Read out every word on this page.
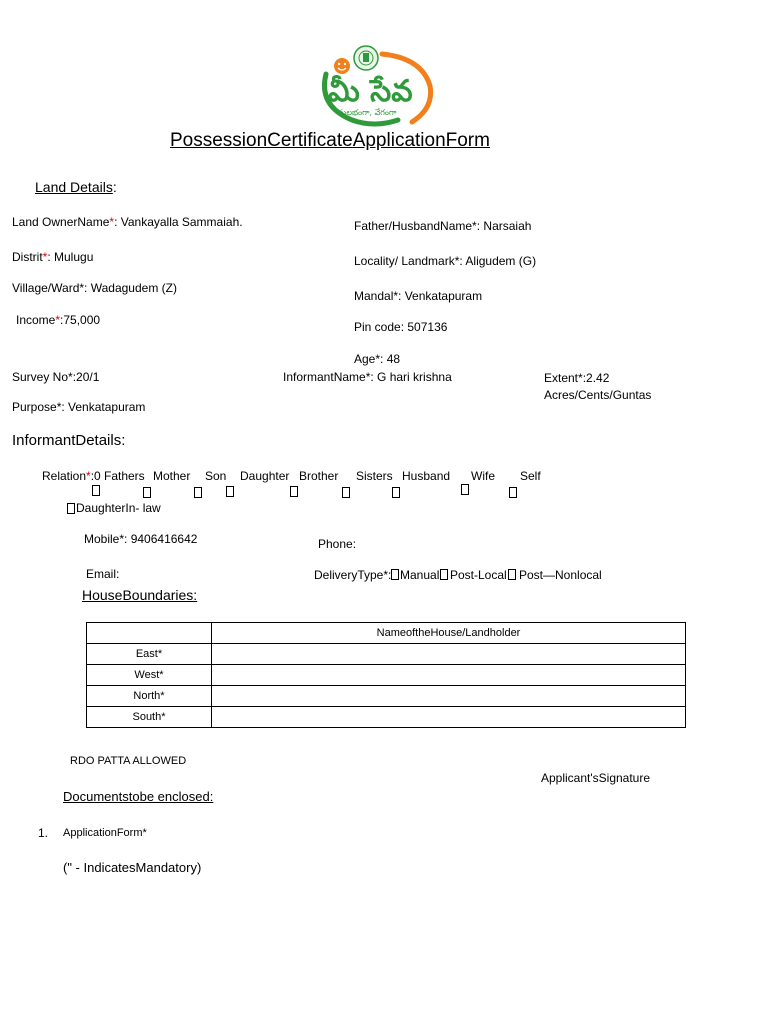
మీ సేవ
సులభంగా, వేగంగా
PossessionCertificateApplicationForm
Land Details:
Land OwnerName*: Vankayalla Sammaiah.	Father/HusbandName*: Narsaiah
Distrit*: Mulugu	Locality/ Landmark*: Aligudem (G)
Village/Ward*: Wadagudem (Z)
Mandal*: Venkatapuram
Income*:75,000	Pin code: 507136
Age*: 48
Survey No*:20/1	InformantName*: G hari krishna	Extent*:2.42
Acres/Cents/Guntas
Purpose*: Venkatapuram
InformantDetails:
Relation*:0 Fathers Mother Son Daughter Brother Sisters Husband Wife Self
DaughterIn- law
Mobile*: 9406416642	Phone:
Email:	DeliveryType*: Manual Post-Local Post—Nonlocal
HouseBoundaries:
	NameoftheHouse/Landholder
East*	
West*	
North*	
South*	
RDO PATTA ALLOWED
Applicant'sSignature
Documentstobe enclosed:
1. ApplicationForm*
(" - IndicatesMandatory)
